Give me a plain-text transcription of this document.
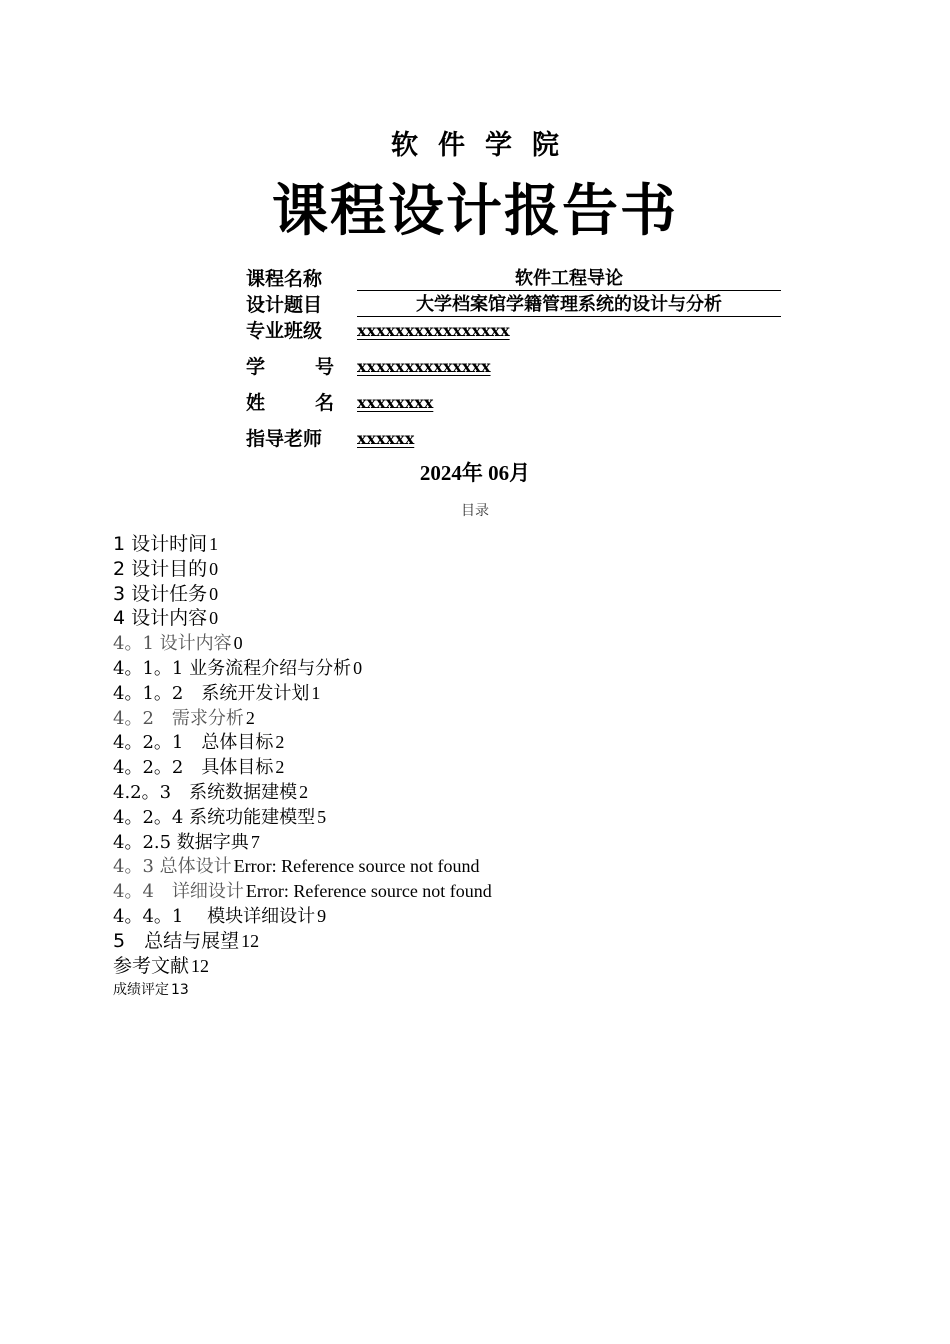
软件学院
课程设计报告书
课程名称	软件工程导论
设计题目	大学档案馆学籍管理系统的设计与分析
专业班级 xxxxxxxxxxxxxxxx
学	号 xxxxxxxxxxxxxx
姓	名 xxxxxxxx
指导老师 xxxxxx
2024年 06月
目录
1 设计时间 1
2 设计目的 0
3 设计任务 0
4 设计内容 0
4。1 设计内容 0
4。1。1 业务流程介绍与分析 0
4。1。2　系统开发计划 1
4。2　需求分析 2
4。2。1　总体目标 2
4。2。2　具体目标 2
4.2。3　系统数据建模 2
4。2。4 系统功能建模型 5
4。2.5 数据字典 7
4。3 总体设计 Error: Reference source not found
4。4　详细设计 Error: Reference source not found
4。4。1　 模块详细设计 9
5　总结与展望 12
参考文献 12
成绩评定 13
